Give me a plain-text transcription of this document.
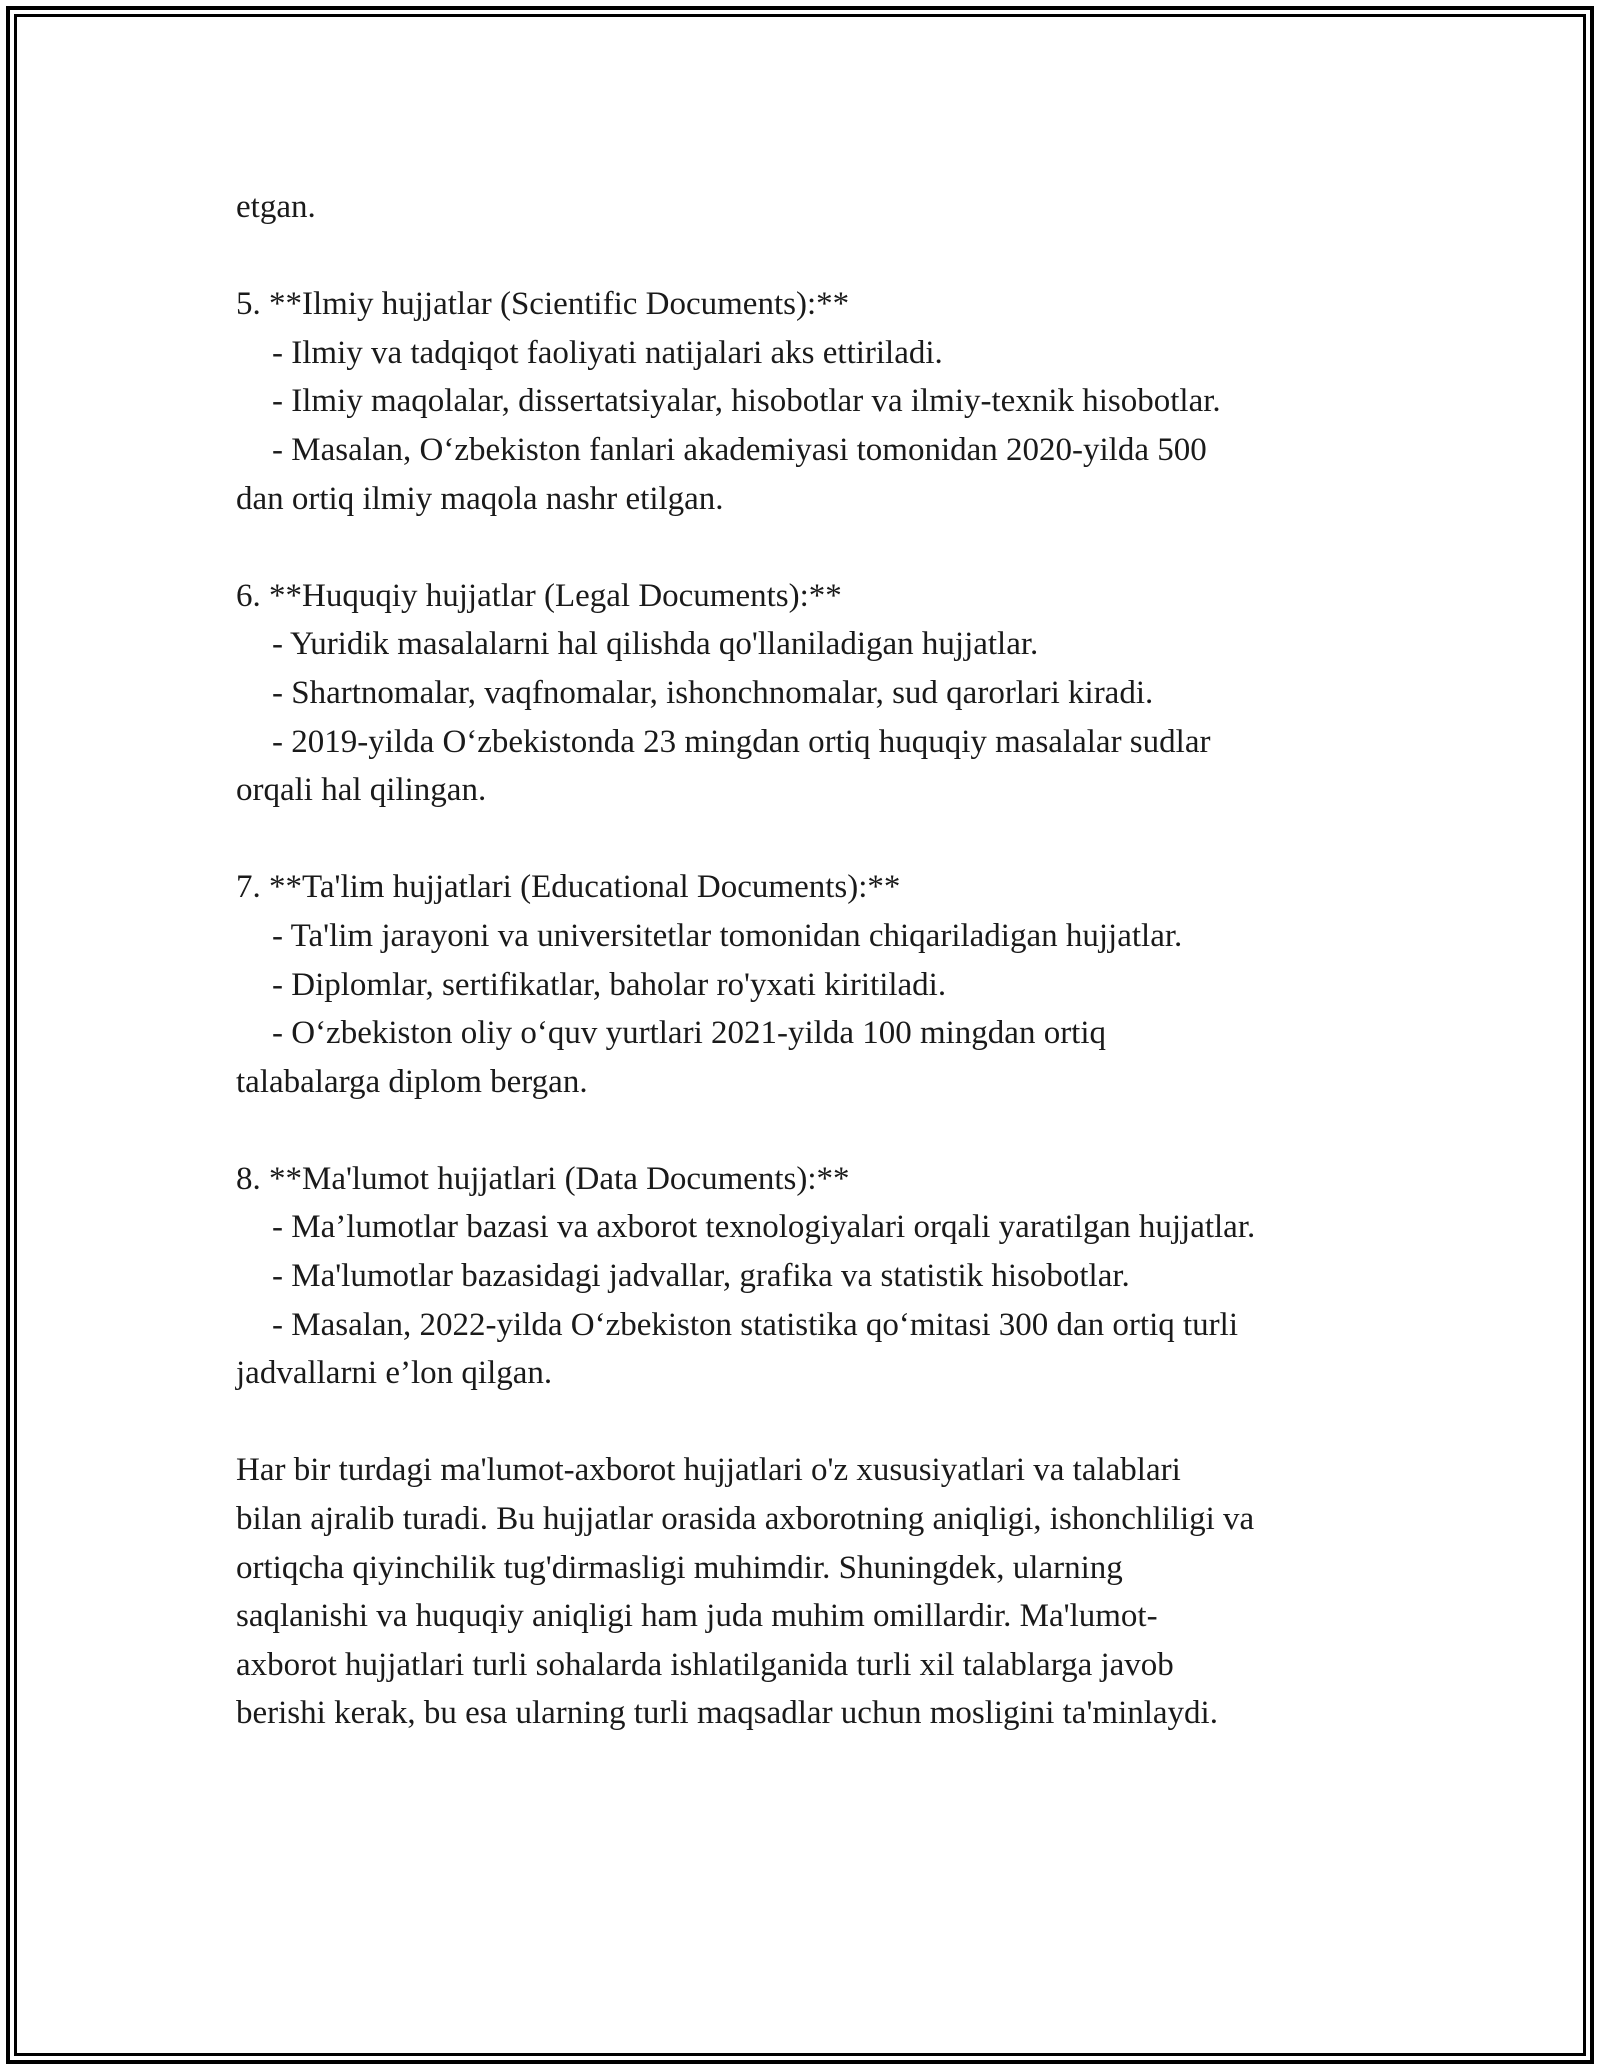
etgan.
5. **Ilmiy hujjatlar (Scientific Documents):**
- Ilmiy va tadqiqot faoliyati natijalari aks ettiriladi.
- Ilmiy maqolalar, dissertatsiyalar, hisobotlar va ilmiy-texnik hisobotlar.
- Masalan, O‘zbekiston fanlari akademiyasi tomonidan 2020-yilda 500
dan ortiq ilmiy maqola nashr etilgan.
6. **Huquqiy hujjatlar (Legal Documents):**
- Yuridik masalalarni hal qilishda qo'llaniladigan hujjatlar.
- Shartnomalar, vaqfnomalar, ishonchnomalar, sud qarorlari kiradi.
- 2019-yilda O‘zbekistonda 23 mingdan ortiq huquqiy masalalar sudlar
orqali hal qilingan.
7. **Ta'lim hujjatlari (Educational Documents):**
- Ta'lim jarayoni va universitetlar tomonidan chiqariladigan hujjatlar.
- Diplomlar, sertifikatlar, baholar ro'yxati kiritiladi.
- O‘zbekiston oliy o‘quv yurtlari 2021-yilda 100 mingdan ortiq
talabalarga diplom bergan.
8. **Ma'lumot hujjatlari (Data Documents):**
- Ma’lumotlar bazasi va axborot texnologiyalari orqali yaratilgan hujjatlar.
- Ma'lumotlar bazasidagi jadvallar, grafika va statistik hisobotlar.
- Masalan, 2022-yilda O‘zbekiston statistika qo‘mitasi 300 dan ortiq turli
jadvallarni e’lon qilgan.
Har bir turdagi ma'lumot-axborot hujjatlari o'z xususiyatlari va talablari
bilan ajralib turadi. Bu hujjatlar orasida axborotning aniqligi, ishonchliligi va
ortiqcha qiyinchilik tug'dirmasligi muhimdir. Shuningdek, ularning
saqlanishi va huquqiy aniqligi ham juda muhim omillardir. Ma'lumot-
axborot hujjatlari turli sohalarda ishlatilganida turli xil talablarga javob
berishi kerak, bu esa ularning turli maqsadlar uchun mosligini ta'minlaydi.
